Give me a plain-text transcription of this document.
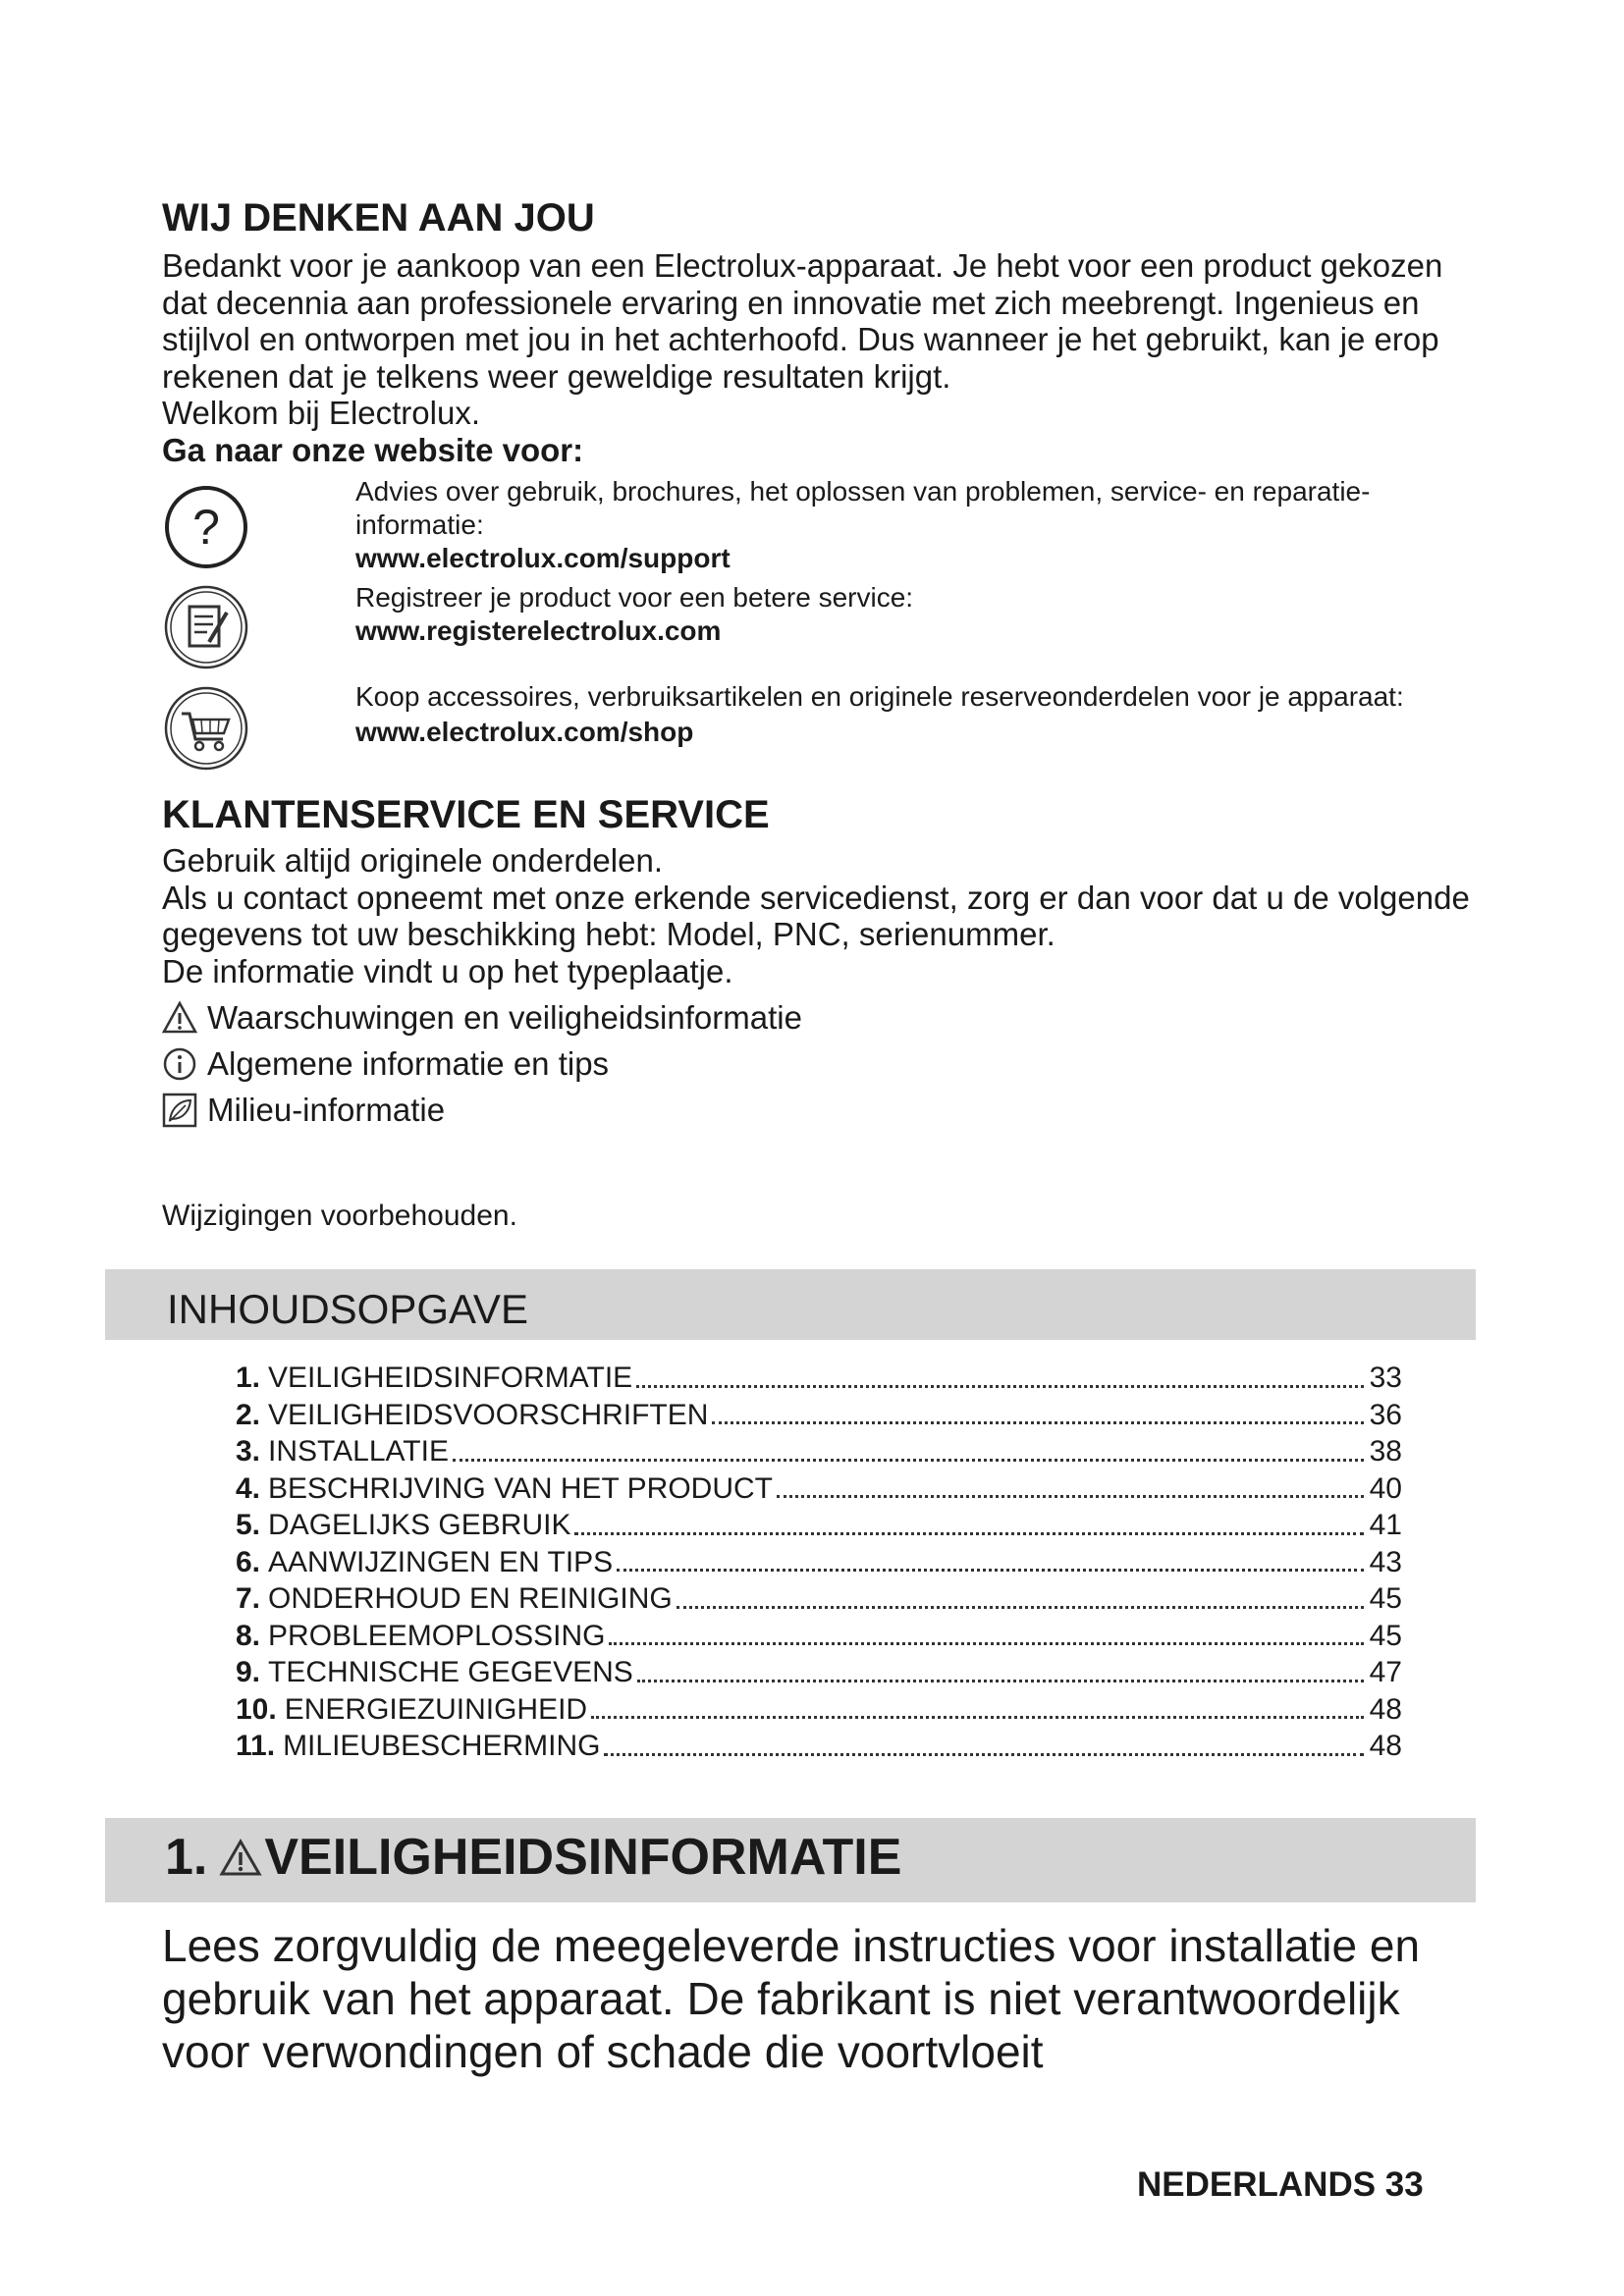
WIJ DENKEN AAN JOU

Bedankt voor je aankoop van een Electrolux-apparaat. Je hebt voor een product gekozen dat decennia aan professionele ervaring en innovatie met zich meebrengt. Ingenieus en stijlvol en ontworpen met jou in het achterhoofd. Dus wanneer je het gebruikt, kan je erop rekenen dat je telkens weer geweldige resultaten krijgt.

Welkom bij Electrolux.

Ga naar onze website voor:

?
Advies over gebruik, brochures, het oplossen van problemen, service- en reparatie-informatie:
www.electrolux.com/support
Registreer je product voor een betere service:
www.registerelectrolux.com
Koop accessoires, verbruiksartikelen en originele reserveonderdelen voor je apparaat:
www.electrolux.com/shop
KLANTENSERVICE EN SERVICE

Gebruik altijd originele onderdelen.

Als u contact opneemt met onze erkende servicedienst, zorg er dan voor dat u de volgende gegevens tot uw beschikking hebt: Model, PNC, serienummer.

De informatie vindt u op het typeplaatje.

Waarschuwingen en veiligheidsinformatie
Algemene informatie en tips
Milieu-informatie
Wijzigingen voorbehouden.
INHOUDSOPGAVE
1. VEILIGHEIDSINFORMATIE	33
2. VEILIGHEIDSVOORSCHRIFTEN	36
3. INSTALLATIE	38
4. BESCHRIJVING VAN HET PRODUCT	40
5. DAGELIJKS GEBRUIK	41
6. AANWIJZINGEN EN TIPS	43
7. ONDERHOUD EN REINIGING	45
8. PROBLEEMOPLOSSING	45
9. TECHNISCHE GEGEVENS	47
10. ENERGIEZUINIGHEID	48
11. MILIEUBESCHERMING	48
1. VEILIGHEIDSINFORMATIE

Lees zorgvuldig de meegeleverde instructies voor installatie en gebruik van het apparaat. De fabrikant is niet verantwoordelijk voor verwondingen of schade die voortvloeit

NEDERLANDS 33
